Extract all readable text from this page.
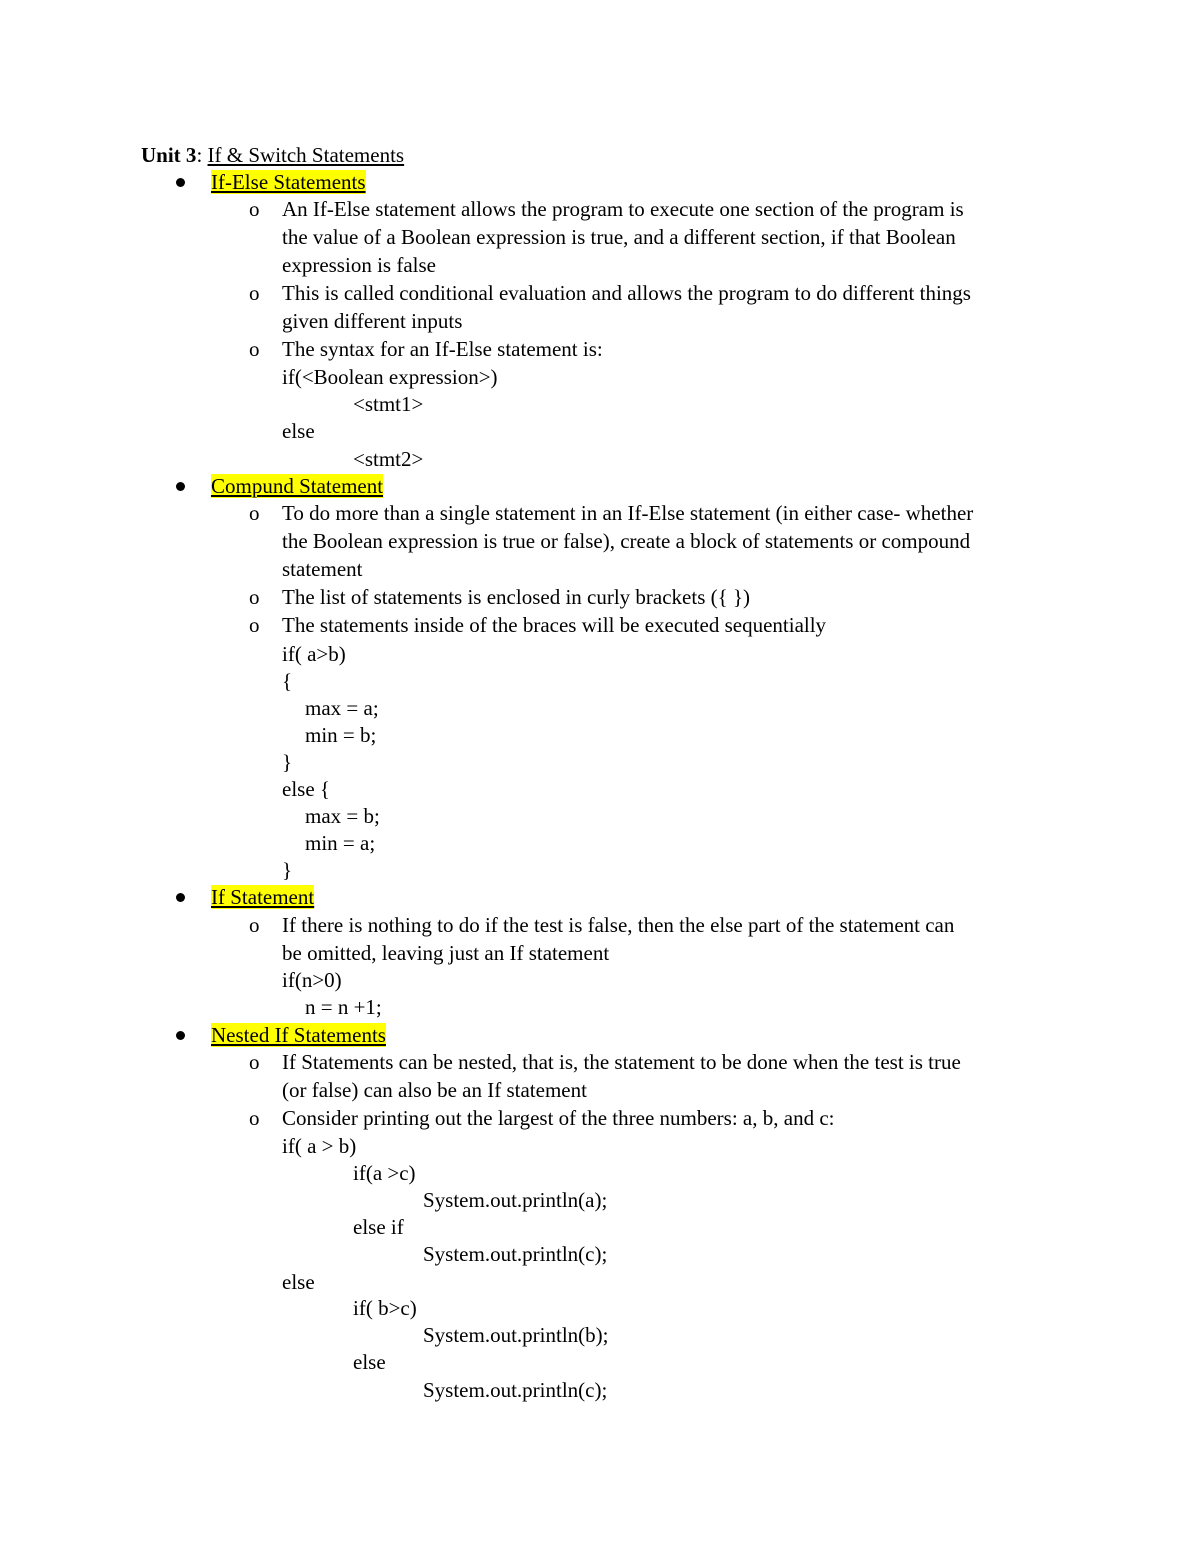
Unit 3: If & Switch Statements
If-Else Statements
o An If-Else statement allows the program to execute one section of the program is
the value of a Boolean expression is true, and a different section, if that Boolean
expression is false
o This is called conditional evaluation and allows the program to do different things
given different inputs
o The syntax for an If-Else statement is:
if(<Boolean expression>)
<stmt1>
else
<stmt2>
Compund Statement
o To do more than a single statement in an If-Else statement (in either case- whether
the Boolean expression is true or false), create a block of statements or compound
statement
o The list of statements is enclosed in curly brackets ({ })
o The statements inside of the braces will be executed sequentially
if( a>b)
{
max = a;
min = b;
}
else {
max = b;
min = a;
}
If Statement
o If there is nothing to do if the test is false, then the else part of the statement can
be omitted, leaving just an If statement
if(n>0)
n = n +1;
Nested If Statements
o If Statements can be nested, that is, the statement to be done when the test is true
(or false) can also be an If statement
o Consider printing out the largest of the three numbers: a, b, and c:
if( a > b)
if(a >c)
System.out.println(a);
else if
System.out.println(c);
else
if( b>c)
System.out.println(b);
else
System.out.println(c);
